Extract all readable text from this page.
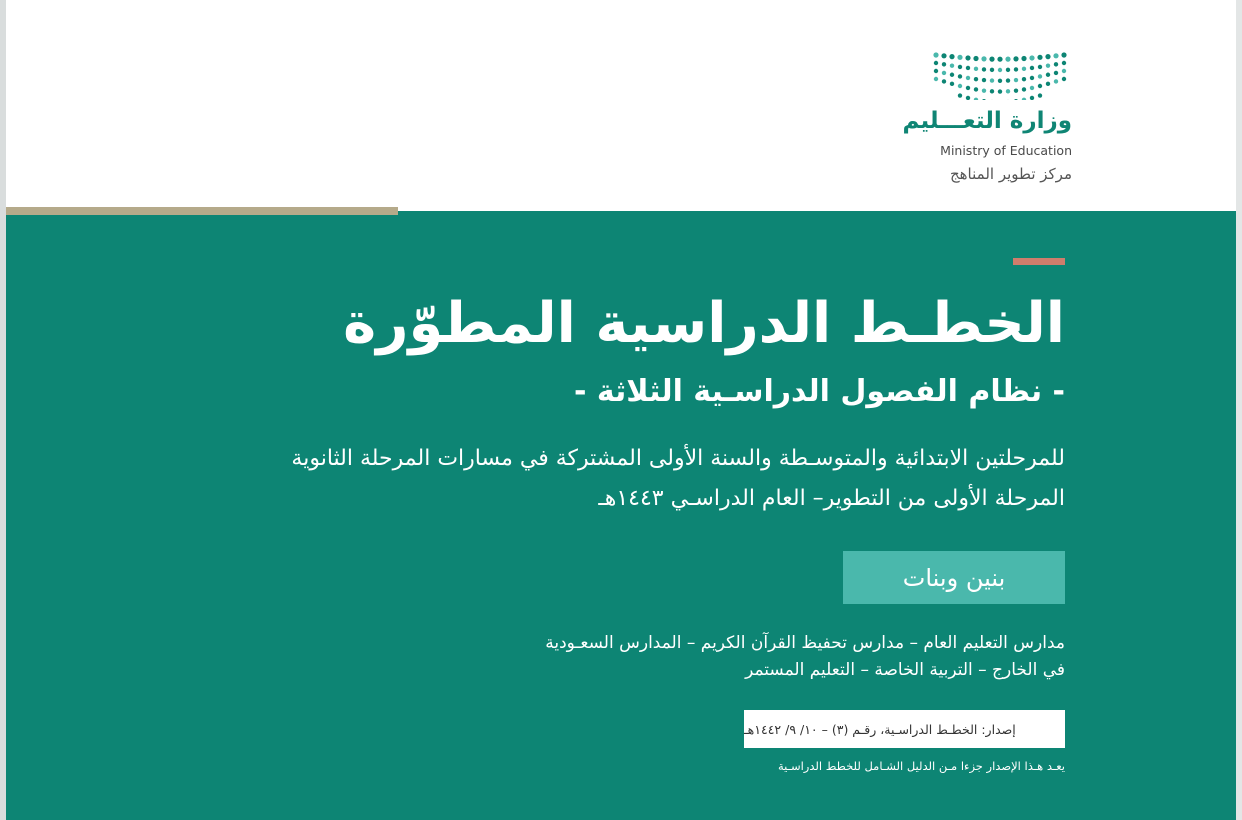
وزارة التعـــليم
Ministry of Education
مركز تطوير المناهج
الخطـط الدراسية المطوّرة
- نظام الفصول الدراسـية الثلاثة -
للمرحلتين الابتدائية والمتوسـطة والسنة الأولى المشتركة في مسارات المرحلة الثانوية
المرحلة الأولى من التطوير– العام الدراسـي ١٤٤٣هـ
بنين وبنات
مدارس التعليم العام – مدارس تحفيظ القرآن الكريم – المدارس السعـودية
في الخارج – التربية الخاصة – التعليم المستمر
إصدار: الخطـط الدراسـية، رقـم (٣) – ١٠/ ٩/ ١٤٤٢هـ
يعـد هـذا الإصدار جزءا مـن الدليل الشـامل للخطط الدراسـية
